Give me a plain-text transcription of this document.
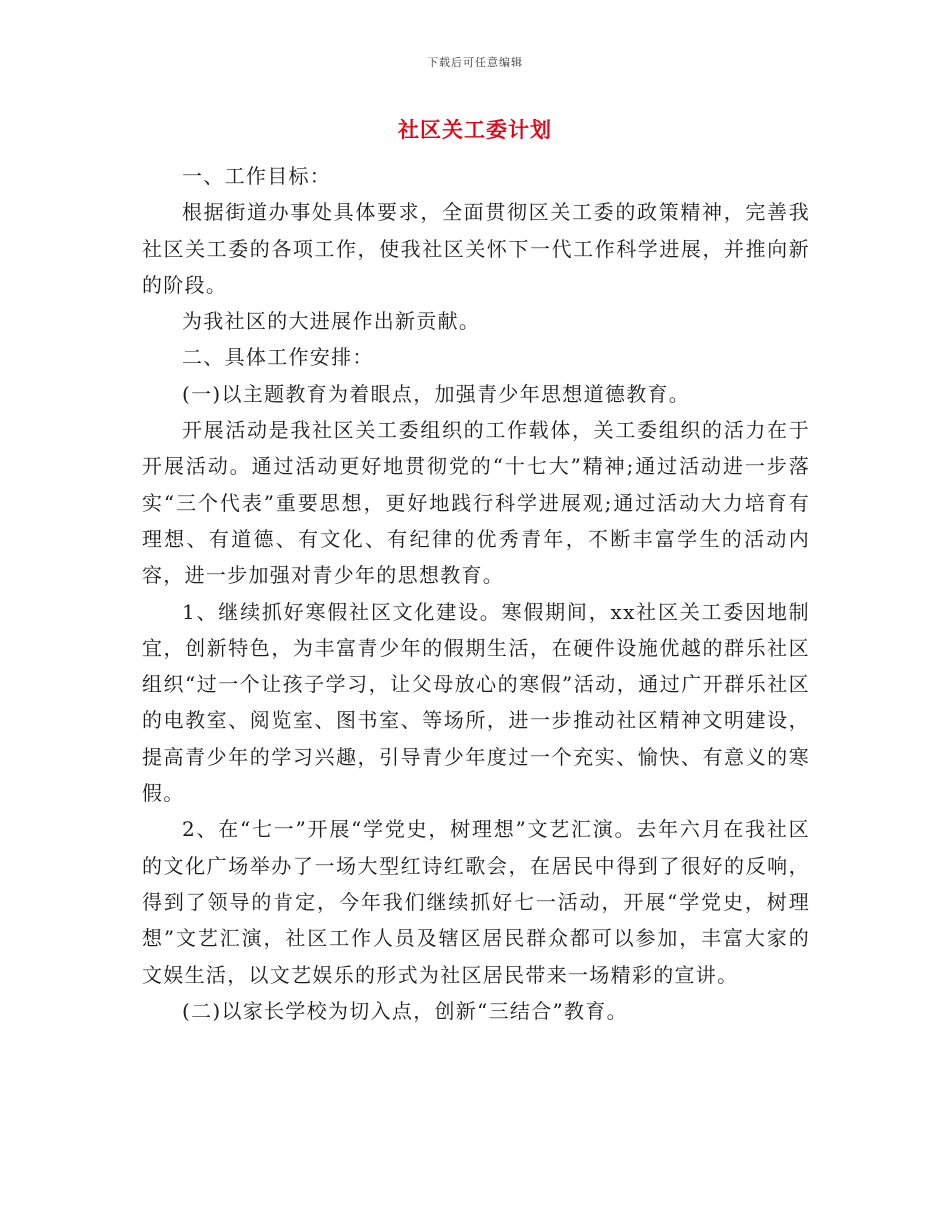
下载后可任意编辑
社区关工委计划

一、工作目标：

根据街道办事处具体要求，全面贯彻区关工委的政策精神，完善我社区关工委的各项工作，使我社区关怀下一代工作科学进展，并推向新的阶段。

为我社区的大进展作出新贡献。

二、具体工作安排：

(一)以主题教育为着眼点，加强青少年思想道德教育。

开展活动是我社区关工委组织的工作载体，关工委组织的活力在于开展活动。通过活动更好地贯彻党的“十七大”精神;通过活动进一步落实“三个代表”重要思想，更好地践行科学进展观;通过活动大力培育有理想、有道德、有文化、有纪律的优秀青年，不断丰富学生的活动内容，进一步加强对青少年的思想教育。

1、继续抓好寒假社区文化建设。寒假期间，xx社区关工委因地制宜，创新特色，为丰富青少年的假期生活，在硬件设施优越的群乐社区组织“过一个让孩子学习，让父母放心的寒假”活动，通过广开群乐社区的电教室、阅览室、图书室、等场所，进一步推动社区精神文明建设，提高青少年的学习兴趣，引导青少年度过一个充实、愉快、有意义的寒假。

2、在“七一”开展“学党史，树理想”文艺汇演。去年六月在我社区的文化广场举办了一场大型红诗红歌会，在居民中得到了很好的反响，得到了领导的肯定，今年我们继续抓好七一活动，开展“学党史，树理想”文艺汇演，社区工作人员及辖区居民群众都可以参加，丰富大家的文娱生活，以文艺娱乐的形式为社区居民带来一场精彩的宣讲。

(二)以家长学校为切入点，创新“三结合”教育。
